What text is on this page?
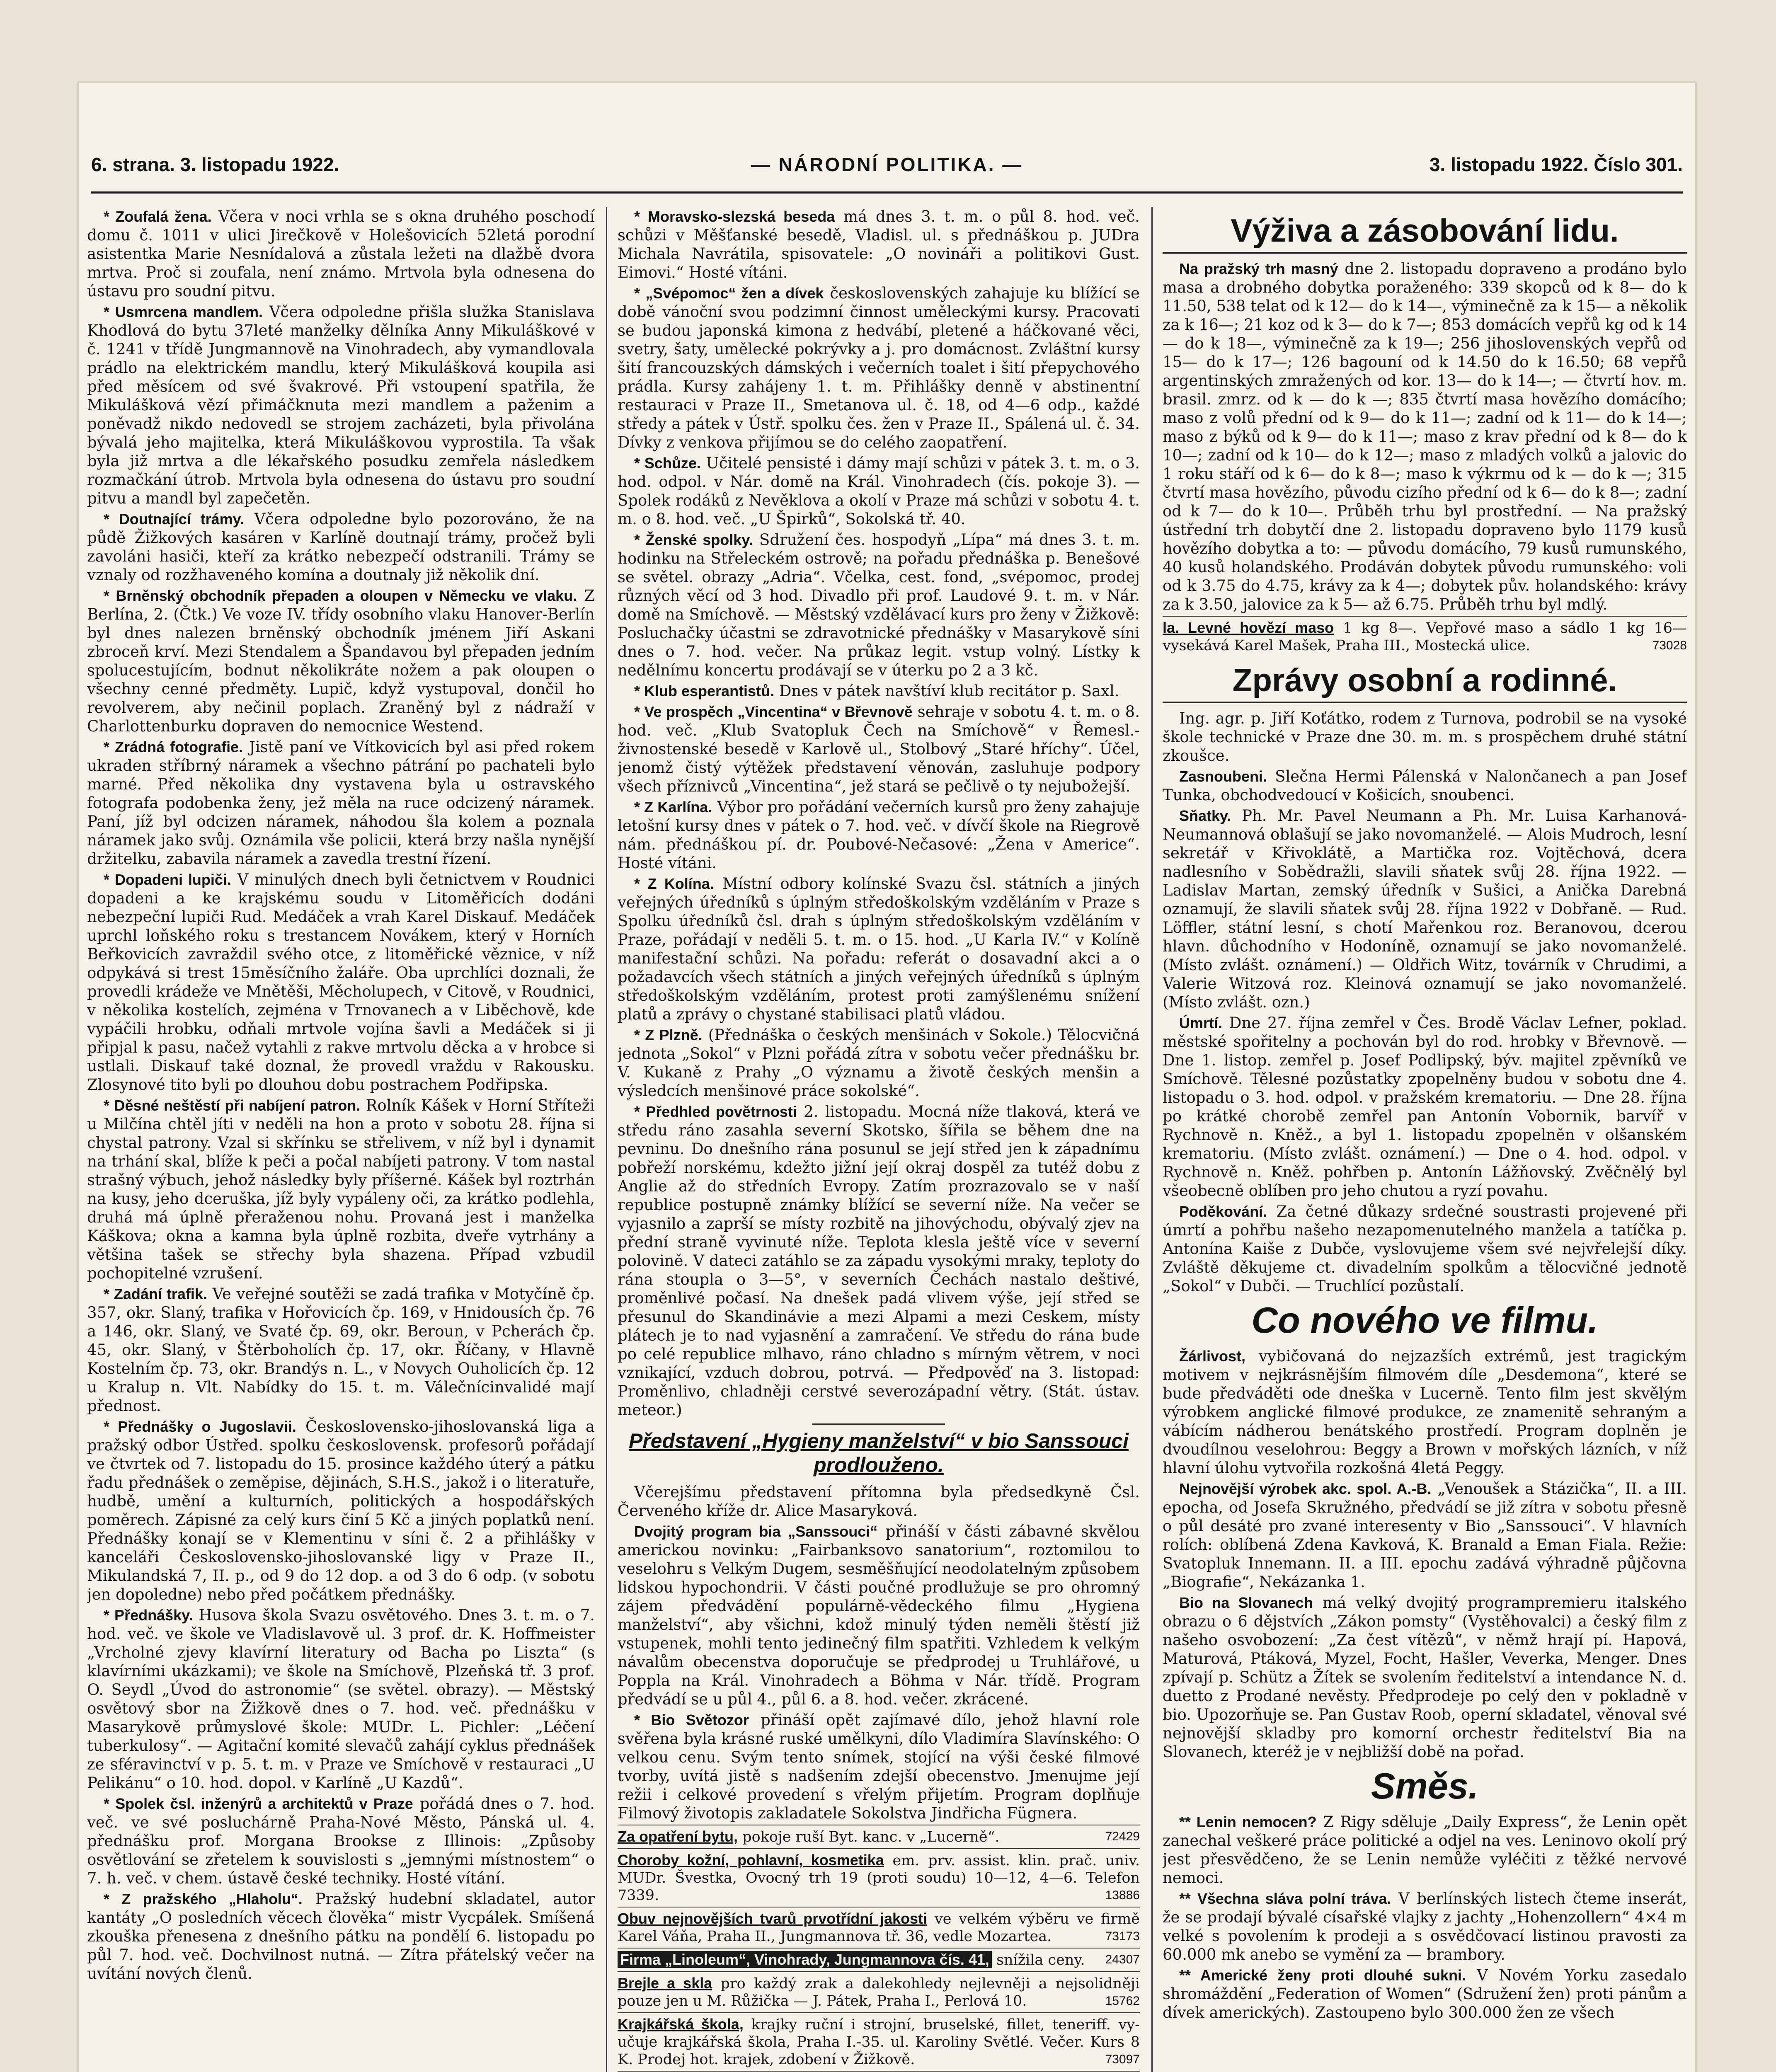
6. strana. 3. listopadu 1922.	— NÁRODNÍ POLITIKA. —	3. listopadu 1922. Číslo 301.

* Zoufalá žena. Včera v noci vrhla se s okna druhého poschodí domu č. 1011 v ulici Jirečkově v Holešovicích 52letá porodní asistentka Marie Nesnídalová a zůstala ležeti na dlažbě dvora mrtva. Proč si zoufala, není známo. Mrtvola byla odnesena do ústavu pro soudní pitvu.

* Usmrcena mandlem. Včera odpoledne přišla služka Stanislava Khodlová do bytu 37leté manželky dělníka Anny Mikuláškové v č. 1241 v třídě Jungmannově na Vinohradech, aby vymandlovala prádlo na elektrickém mandlu, který Mikulášková koupila asi před měsícem od své švakrové. Při vstoupení spatřila, že Mikulášková vězí přimáčknuta mezi mandlem a paženim a poněvadž nikdo nedovedl se strojem zacházeti, byla přivolána bývalá jeho majitelka, která Mikuláškovou vyprostila. Ta však byla již mrtva a dle lékařského posudku zemřela následkem rozmačkání útrob. Mrtvola byla odnesena do ústavu pro soudní pitvu a mandl byl zapečetěn.

* Doutnající trámy. Včera odpoledne bylo pozorováno, že na půdě Žižkových kasáren v Karlíně doutnají trámy, pročež byli zavoláni hasiči, kteří za krátko nebezpečí odstranili. Trámy se vznaly od rozžhaveného komína a doutnaly již několik dní.

* Brněnský obchodník přepaden a oloupen v Německu ve vlaku. Z Berlína, 2. (Čtk.) Ve voze IV. třídy osobního vlaku Hanover-Berlín byl dnes nalezen brněnský obchodník jménem Jiří Askani zbroceň krví. Mezi Stendalem a Špandavou byl přepaden jedním spolucestujícím, bodnut několikráte nožem a pak oloupen o všechny cenné předměty. Lupič, když vystupoval, dončil ho revolverem, aby nečinil poplach. Zraněný byl z nádraží v Charlottenburku dopraven do nemocnice Westend.

* Zrádná fotografie. Jistě paní ve Vítkovicích byl asi před rokem ukraden stříbrný náramek a všechno pátrání po pachateli bylo marné. Před několika dny vystavena byla u ostravského fotografa podobenka ženy, jež měla na ruce odcizený náramek. Paní, jíž byl odcizen náramek, náhodou šla kolem a poznala náramek jako svůj. Oznámila vše policii, která brzy našla nynější držitelku, zabavila náramek a zavedla trestní řízení.

* Dopadeni lupiči. V minulých dnech byli četnictvem v Roudnici dopadeni a ke krajskému soudu v Litoměřicích dodáni nebezpeční lupiči Rud. Medáček a vrah Karel Diskauf. Medáček uprchl loňského roku s trestancem Novákem, který v Horních Beřkovicích zavraždil svého otce, z litoměřické věznice, v níž odpykává si trest 15měsíčního žaláře. Oba uprchlíci doznali, že provedli krádeže ve Mnětěši, Měcholupech, v Citově, v Roudnici, v několika kostelích, zejména v Trnovanech a v Liběchově, kde vypáčili hrobku, odňali mrtvole vojína šavli a Medáček si ji připjal k pasu, načež vytahli z rakve mrtvolu děcka a v hrobce si ustlali. Diskauf také doznal, že provedl vraždu v Rakousku. Zlosynové tito byli po dlouhou dobu postrachem Podřipska.

* Děsné neštěstí při nabíjení patron. Rolník Kášek v Horní Stříteži u Milčína chtěl jíti v neděli na hon a proto v sobotu 28. října si chystal patrony. Vzal si skřínku se střelivem, v níž byl i dynamit na trhání skal, blíže k peči a počal nabíjeti patrony. V tom nastal strašný výbuch, jehož následky byly příšerné. Kášek byl roztrhán na kusy, jeho dceruška, jíž byly vypáleny oči, za krátko podlehla, druhá má úplně přeraženou nohu. Provaná jest i manželka Káškova; okna a kamna byla úplně rozbita, dveře vytrhány a většina tašek se střechy byla shazena. Případ vzbudil pochopitelné vzrušení.

* Zadání trafik. Ve veřejné soutěži se zadá trafika v Motyčíně čp. 357, okr. Slaný, trafika v Hořovicích čp. 169, v Hnidousích čp. 76 a 146, okr. Slaný, ve Svaté čp. 69, okr. Beroun, v Pcherách čp. 45, okr. Slaný, v Štěrboholích čp. 17, okr. Říčany, v Hlavně Kostelním čp. 73, okr. Brandýs n. L., v Novych Ouholicích čp. 12 u Kralup n. Vlt. Nabídky do 15. t. m. Válečnícinvalidé mají přednost.

* Přednášky o Jugoslavii. Československo-jihoslovanská liga a pražský odbor Ústřed. spolku československ. profesorů pořádají ve čtvrtek od 7. listopadu do 15. prosince každého úterý a pátku řadu přednášek o zeměpise, dějinách, S.H.S., jakož i o literatuře, hudbě, umění a kulturních, politických a hospodářských poměrech. Zápisné za celý kurs činí 5 Kč a jiných poplatků není. Přednášky konají se v Klementinu v síni č. 2 a přihlášky v kanceláři Československo-jihoslovanské ligy v Praze II., Mikulandská 7, II. p., od 9 do 12 dop. a od 3 do 6 odp. (v sobotu jen dopoledne) nebo před počátkem přednášky.

* Přednášky. Husova škola Svazu osvětového. Dnes 3. t. m. o 7. hod. več. ve škole ve Vladislavově ul. 3 prof. dr. K. Hoffmeister „Vrcholné zjevy klavírní literatury od Bacha po Liszta“ (s klavírními ukázkami); ve škole na Smíchově, Plzeňská tř. 3 prof. O. Seydl „Úvod do astronomie“ (se světel. obrazy). — Městský osvětový sbor na Žižkově dnes o 7. hod. več. přednášku v Masarykově průmyslové škole: MUDr. L. Pichler: „Léčení tuberkulosy“. — Agitační komité slevačů zahájí cyklus přednášek ze sféravinctví v p. 5. t. m. v Praze ve Smíchově v restauraci „U Pelikánu“ o 10. hod. dopol. v Karlíně „U Kazdů“.

* Spolek čsl. inženýrů a architektů v Praze pořádá dnes o 7. hod. več. ve své posluchárně Praha-Nové Město, Pánská ul. 4. přednášku prof. Morgana Brookse z Illinois: „Způsoby osvětlování se zřetelem k souvislosti s „jemnými místnostem“ o 7. h. več. v chem. ústavě české techniky. Hosté vítání.

* Z pražského „Hlaholu“. Pražský hudební skladatel, autor kantáty „O posledních věcech člověka“ mistr Vycpálek. Smíšená zkouška přenesena z dnešního pátku na pondělí 6. listopadu po půl 7. hod. več. Dochvilnost nutná. — Zítra přátelský večer na uvítání nových členů.

* Moravsko-slezská beseda má dnes 3. t. m. o půl 8. hod. več. schůzi v Měšťanské besedě, Vladisl. ul. s přednáškou p. JUDra Michala Navrátila, spisovatele: „O novináři a politikovi Gust. Eimovi.“ Hosté vítáni.

* „Svépomoc“ žen a dívek československých zahajuje ku blížící se době vánoční svou podzimní činnost uměleckými kursy. Pracovati se budou japonská kimona z hedvábí, pletené a háčkované věci, svetry, šaty, umělecké pokrývky a j. pro domácnost. Zvláštní kursy šití francouzských dámských i večerních toalet i šití přepychového prádla. Kursy zahájeny 1. t. m. Přihlášky denně v abstinentní restauraci v Praze II., Smetanova ul. č. 18, od 4—6 odp., každé středy a pátek v Ústř. spolku čes. žen v Praze II., Spálená ul. č. 34. Dívky z venkova přijímou se do celého zaopatření.

* Schůze. Učitelé pensisté i dámy mají schůzi v pátek 3. t. m. o 3. hod. odpol. v Nár. domě na Král. Vinohradech (čís. pokoje 3). — Spolek rodáků z Nevěklova a okolí v Praze má schůzi v sobotu 4. t. m. o 8. hod. več. „U Špirků“, Sokolská tř. 40.

* Ženské spolky. Sdružení čes. hospodyň „Lípa“ má dnes 3. t. m. hodinku na Střeleckém ostrově; na pořadu přednáška p. Benešové se světel. obrazy „Adria“. Včelka, cest. fond, „svépomoc, prodej různých věcí od 3 hod. Divadlo při prof. Laudové 9. t. m. v Nár. domě na Smíchově. — Městský vzdělávací kurs pro ženy v Žižkově: Posluchačky účastni se zdravotnické přednášky v Masarykově síni dnes o 7. hod. večer. Na průkaz legit. vstup volný. Lístky k nedělnímu koncertu prodávají se v úterku po 2 a 3 kč.

* Klub esperantistů. Dnes v pátek navštíví klub recitátor p. Saxl.

* Ve prospěch „Vincentina“ v Břevnově sehraje v sobotu 4. t. m. o 8. hod. več. „Klub Svatopluk Čech na Smíchově“ v Řemesl.-živnostenské besedě v Karlově ul., Stolbový „Staré hříchy“. Účel, jenomž čistý výtěžek představení věnován, zasluhuje podpory všech příznivců „Vincentina“, jež stará se pečlivě o ty nejubožejší.

* Z Karlína. Výbor pro pořádání večerních kursů pro ženy zahajuje letošní kursy dnes v pátek o 7. hod. več. v dívčí škole na Riegrově nám. přednáškou pí. dr. Poubové-Nečasové: „Žena v Americe“. Hosté vítáni.

* Z Kolína. Místní odbory kolínské Svazu čsl. státních a jiných veřejných úředníků s úplným středoškolským vzděláním v Praze s Spolku úředníků čsl. drah s úplným středoškolským vzděláním v Praze, pořádají v neděli 5. t. m. o 15. hod. „U Karla IV.“ v Kolíně manifestační schůzi. Na pořadu: referát o dosavadní akci a o požadavcích všech státních a jiných veřejných úředníků s úplným středoškolským vzděláním, protest proti zamýšlenému snížení platů a zprávy o chystané stabilisaci platů vládou.

* Z Plzně. (Přednáška o českých menšinách v Sokole.) Tělocvičná jednota „Sokol“ v Plzni pořádá zítra v sobotu večer přednášku br. V. Kukaně z Prahy „O významu a životě českých menšin a výsledcích menšinové práce sokolské“.

* Předhled povětrnosti 2. listopadu. Mocná níže tlaková, která ve středu ráno zasahla severní Skotsko, šířila se během dne na pevninu. Do dnešního rána posunul se její střed jen k západnímu pobřeží norskému, kdežto jižní její okraj dospěl za tutéž dobu z Anglie až do středních Evropy. Zatím prozrazovalo se v naší republice postupně známky blížící se severní níže. Na večer se vyjasnilo a zaprší se místy rozbitě na jihovýchodu, obývalý zjev na přední straně vyvinuté níže. Teplota klesla ještě více v severní polovině. V dateci zatáhlo se za západu vysokými mraky, teploty do rána stoupla o 3—5°, v severních Čechách nastalo deštivé, proměnlivé počasí. Na dnešek padá vlivem výše, její střed se přesunul do Skandinávie a mezi Alpami a mezi Ceskem, místy plátech je to nad vyjasnění a zamračení. Ve středu do rána bude po celé republice mlhavo, ráno chladno s mírným větrem, v noci vznikající, vzduch dobrou, potrvá. — Předpověď na 3. listopad: Proměnlivo, chladněji cerstvé severozápadní větry. (Stát. ústav. meteor.)

Představení „Hygieny manželství“ v bio Sanssouci prodlouženo.

Včerejšímu představení přítomna byla předsedkyně Čsl. Červeného kříže dr. Alice Masaryková.

Dvojitý program bia „Sanssouci“ přináší v části zábavné skvělou americkou novinku: „Fairbanksovo sanatorium“, roztomilou to veselohru s Velkým Dugem, sesměšňující neodolatelným způsobem lidskou hypochondrii. V části poučné prodlužuje se pro ohromný zájem předvádění populárně-vědeckého filmu „Hygiena manželství“, aby všichni, kdož minulý týden neměli štěstí již vstupenek, mohli tento jedinečný film spatřiti. Vzhledem k velkým návalům obecenstva doporučuje se předprodej u Truhlářové, u Poppla na Král. Vinohradech a Böhma v Nár. třídě. Program předvádí se u půl 4., půl 6. a 8. hod. večer. zkrácené.

* Bio Světozor přináší opět zajímavé dílo, jehož hlavní role svěřena byla krásné ruské umělkyni, dílo Vladimíra Slavínského: O velkou cenu. Svým tento snímek, stojící na výši české filmové tvorby, uvítá jistě s nadšením zdejší obecenstvo. Jmenujme její režii i celkové provedení s vřelým přijetím. Program doplňuje Filmový životopis zakladatele Sokolstva Jindřicha Fügnera.

Za opatření bytu, pokoje ruší Byt. kanc. v „Lucerně“.	72429
Choroby kožní, pohlavní, kosmetika em. prv. assist. klin. prač. univ. MUDr. Švestka, Ovocný trh 19 (proti soudu) 10—12, 4—6. Telefon 7339.	13886
Obuv nejnovějších tvarů prvotřídní jakosti ve velkém výběru ve firmě Karel Váňa, Praha II., Jungmannova tř. 36, vedle Mozartea.	73173
Firma „Linoleum“, Vinohrady, Jungmannova čís. 41, snížila ceny. 24307
Brejle a skla pro každý zrak a dalekohledy nejlevněji a nejsolidněji pouze jen u M. Růžička — J. Pátek, Praha I., Perlová 10.	15762
Krajkářská škola, krajky ruční i strojní, bruselské, fillet, teneriff. vy-učuje krajkářská škola, Praha I.-35. ul. Karoliny Světlé. Večer. Kurs 8 K. Prodej hot. krajek, zdobení v Žižkově.	73097
Výživa a zásobování lidu.

Na pražský trh masný dne 2. listopadu dopraveno a prodáno bylo masa a drobného dobytka poraženého: 339 skopců od k 8— do k 11.50, 538 telat od k 12— do k 14—, výminečně za k 15— a několik za k 16—; 21 koz od k 3— do k 7—; 853 domácích vepřů kg od k 14— do k 18—, výminečně za k 19—; 256 jihoslovenských vepřů od 15— do k 17—; 126 bagouní od k 14.50 do k 16.50; 68 vepřů argentinských zmražených od kor. 13— do k 14—; — čtvrtí hov. m. brasil. zmrz. od k — do k —; 835 čtvrtí masa hovězího domácího; maso z volů přední od k 9— do k 11—; zadní od k 11— do k 14—; maso z býků od k 9— do k 11—; maso z krav přední od k 8— do k 10—; zadní od k 10— do k 12—; maso z mladých volků a jalovic do 1 roku stáří od k 6— do k 8—; maso k výkrmu od k — do k —; 315 čtvrtí masa hovězího, původu cizího přední od k 6— do k 8—; zadní od k 7— do k 10—. Průběh trhu byl prostřední. — Na pražský ústřední trh dobytčí dne 2. listopadu dopraveno bylo 1179 kusů hovězího dobytka a to: — původu domácího, 79 kusů rumunského, 40 kusů holandského. Prodáván dobytek původu rumunského: voli od k 3.75 do 4.75, krávy za k 4—; dobytek pův. holandského: krávy za k 3.50, jalovice za k 5— až 6.75. Průběh trhu byl mdlý.

la. Levné hovězí maso 1 kg 8—. Vepřové maso a sádlo 1 kg 16— vysekává Karel Mašek, Praha III., Mostecká ulice.	73028
Zprávy osobní a rodinné.

Ing. agr. p. Jiří Koťátko, rodem z Turnova, podrobil se na vysoké škole technické v Praze dne 30. m. m. s prospěchem druhé státní zkoušce.

Zasnoubeni. Slečna Hermi Pálenská v Nalončanech a pan Josef Tunka, obchodvedoucí v Košicích, snoubenci.

Sňatky. Ph. Mr. Pavel Neumann a Ph. Mr. Luisa Karhanová-Neumannová oblašují se jako novomanželé. — Alois Mudroch, lesní sekretář v Křivoklátě, a Martička roz. Vojtěchová, dcera nadlesního v Sobědražli, slavili sňatek svůj 28. října 1922. — Ladislav Martan, zemský úředník v Sušici, a Anička Darebná oznamují, že slavili sňatek svůj 28. října 1922 v Dobřaně. — Rud. Löffler, státní lesní, s chotí Mařenkou roz. Beranovou, dcerou hlavn. důchodního v Hodoníně, oznamují se jako novomanželé. (Místo zvlášt. oznámení.) — Oldřich Witz, továrník v Chrudimi, a Valerie Witzová roz. Kleinová oznamují se jako novomanželé. (Místo zvlášt. ozn.)

Úmrtí. Dne 27. října zemřel v Čes. Brodě Václav Lefner, poklad. městské spořitelny a pochován byl do rod. hrobky v Břevnově. — Dne 1. listop. zemřel p. Josef Podlipský, býv. majitel zpěvníků ve Smíchově. Tělesné pozůstatky zpopelněny budou v sobotu dne 4. listopadu o 3. hod. odpol. v pražském krematoriu. — Dne 28. října po krátké chorobě zemřel pan Antonín Vobornik, barvíř v Rychnově n. Kněž., a byl 1. listopadu zpopelněn v olšanském krematoriu. (Místo zvlášt. oznámení.) — Dne o 4. hod. odpol. v Rychnově n. Kněž. pohřben p. Antonín Lážňovský. Zvěčnělý byl všeobecně oblíben pro jeho chutou a ryzí povahu.

Poděkování. Za četné důkazy srdečné soustrasti projevené při úmrtí a pohřbu našeho nezapomenutelného manžela a tatíčka p. Antonína Kaiše z Dubče, vyslovujeme všem své nejvřelejší díky. Zvláště děkujeme ct. divadelním spolkům a tělocvičné jednotě „Sokol“ v Dubči. — Truchlící pozůstalí.

Co nového ve filmu.

Žárlivost, vybičovaná do nejzazších extrémů, jest tragickým motivem v nejkrásnějším filmovém díle „Desdemona“, které se bude předváděti ode dneška v Lucerně. Tento film jest skvělým výrobkem anglické filmové produkce, ze znamenitě sehraným a vábícím nádherou benátského prostředí. Program doplněn je dvoudílnou veselohrou: Beggy a Brown v mořských lázních, v níž hlavní úlohu vytvořila rozkošná 4letá Peggy.

Nejnovější výrobek akc. spol. A.-B. „Venoušek a Stázička“, II. a III. epocha, od Josefa Skružného, předvádí se již zítra v sobotu přesně o půl desáté pro zvané interesenty v Bio „Sanssouci“. V hlavních rolích: oblíbená Zdena Kavková, K. Branald a Eman Fiala. Režie: Svatopluk Innemann. II. a III. epochu zadává výhradně půjčovna „Biografie“, Nekázanka 1.

Bio na Slovanech má velký dvojitý programpremieru italského obrazu o 6 dějstvích „Zákon pomsty“ (Vystěhovalci) a český film z našeho osvobození: „Za čest vítězů“, v němž hrají pí. Hapová, Maturová, Ptáková, Myzel, Focht, Hašler, Veverka, Menger. Dnes zpívají p. Schütz a Žítek se svolením ředitelství a intendance N. d. duetto z Prodané nevěsty. Předprodeje po celý den v pokladně v bio. Upozorňuje se. Pan Gustav Roob, operní skladatel, věnoval své nejnovější skladby pro komorní orchestr ředitelství Bia na Slovanech, kteréž je v nejbližší době na pořad.

Směs.

** Lenin nemocen? Z Rigy sděluje „Daily Express“, že Lenin opět zanechal veškeré práce politické a odjel na ves. Leninovo okolí prý jest přesvědčeno, že se Lenin nemůže vyléčiti z těžké nervové nemoci.

** Všechna sláva polní tráva. V berlínských listech čteme inserát, že se prodají bývalé císařské vlajky z jachty „Hohenzollern“ 4×4 m velké s povolením k prodeji a s osvědčovací listinou pravosti za 60.000 mk anebo se vymění za — brambory.

** Americké ženy proti dlouhé sukni. V Novém Yorku zasedalo shromáždění „Federation of Women“ (Sdružení žen) proti pánům a dívek amerických). Zastoupeno bylo 300.000 žen ze všech
